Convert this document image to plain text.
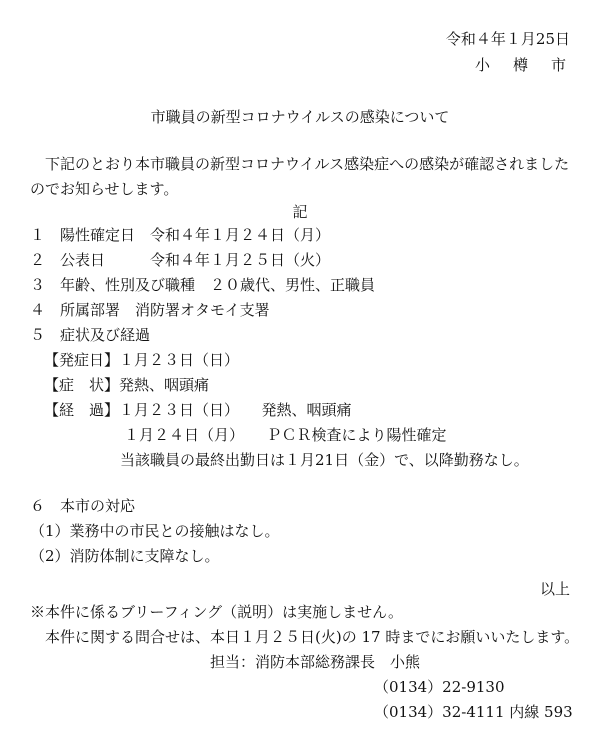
令和４年１月25日
小　樽　市
市職員の新型コロナウイルスの感染について
　下記のとおり本市職員の新型コロナウイルス感染症への感染が確認されました
のでお知らせします。
記
１ 陽性確定日　令和４年１月２４日（月）
２ 公表日　　　令和４年１月２５日（火）
３ 年齢、性別及び職種　２０歳代、男性、正職員
４ 所属部署　消防署オタモイ支署
５ 症状及び経過
【発症日】１月２３日（日）
【症　状】発熱、咽頭痛
【経　過】１月２３日（日）　　発熱、咽頭痛
１月２４日（月）　　ＰＣＲ検査により陽性確定
当該職員の最終出勤日は１月21日（金）で、以降勤務なし。
６　本市の対応
（1）業務中の市民との接触はなし。
（2）消防体制に支障なし。
以上
※本件に係るブリーフィング（説明）は実施しません。
　本件に関する問合せは、本日１月２５日(火)の 17 時までにお願いいたします。
担当：消防本部総務課長　小熊
（0134）22-9130
（0134）32-4111 内線 593
